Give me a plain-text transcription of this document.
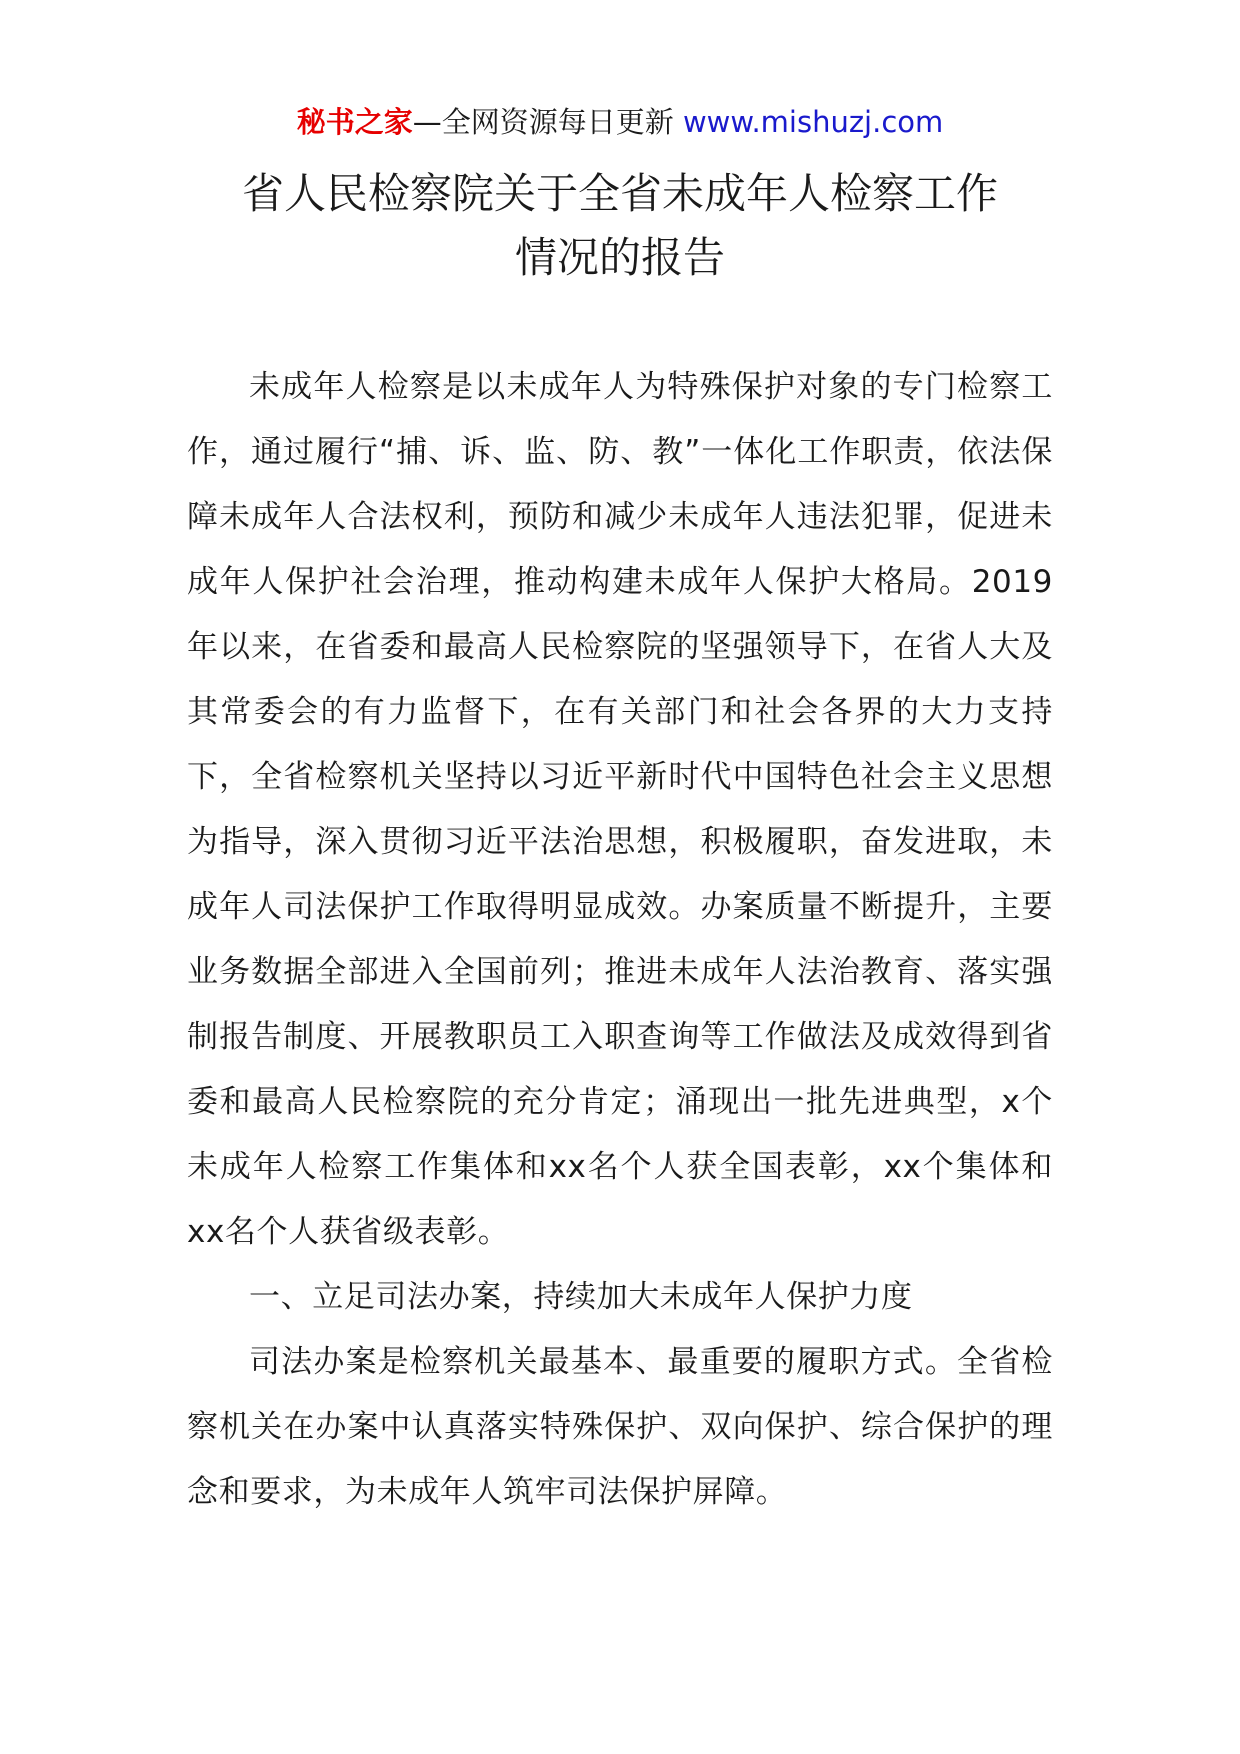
秘书之家—全网资源每日更新 www.mishuzj.com
省人民检察院关于全省未成年人检察工作
情况的报告

未成年人检察是以未成年人为特殊保护对象的专门检察工作，通过履行“捕、诉、监、防、教”一体化工作职责，依法保障未成年人合法权利，预防和减少未成年人违法犯罪，促进未成年人保护社会治理，推动构建未成年人保护大格局。2019年以来，在省委和最高人民检察院的坚强领导下，在省人大及其常委会的有力监督下，在有关部门和社会各界的大力支持下，全省检察机关坚持以习近平新时代中国特色社会主义思想为指导，深入贯彻习近平法治思想，积极履职，奋发进取，未成年人司法保护工作取得明显成效。办案质量不断提升，主要业务数据全部进入全国前列；推进未成年人法治教育、落实强制报告制度、开展教职员工入职查询等工作做法及成效得到省委和最高人民检察院的充分肯定；涌现出一批先进典型，x个未成年人检察工作集体和xx名个人获全国表彰，xx个集体和xx名个人获省级表彰。

一、立足司法办案，持续加大未成年人保护力度

司法办案是检察机关最基本、最重要的履职方式。全省检察机关在办案中认真落实特殊保护、双向保护、综合保护的理念和要求，为未成年人筑牢司法保护屏障。
